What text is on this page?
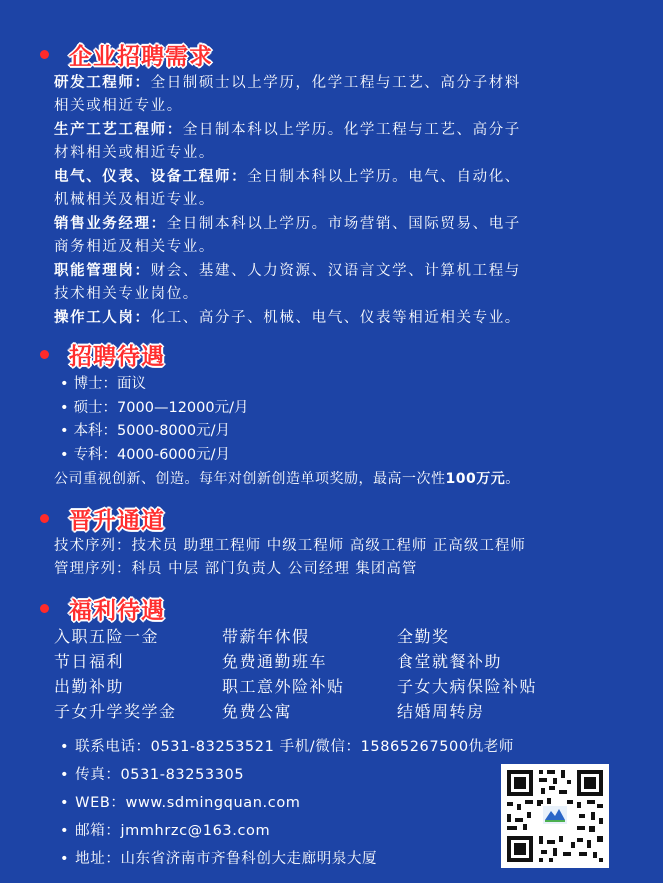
企业招聘需求
研发工程师：全日制硕士以上学历，化学工程与工艺、高分子材料
相关或相近专业。
生产工艺工程师：全日制本科以上学历。化学工程与工艺、高分子
材料相关或相近专业。
电气、仪表、设备工程师：全日制本科以上学历。电气、自动化、
机械相关及相近专业。
销售业务经理：全日制本科以上学历。市场营销、国际贸易、电子
商务相近及相关专业。
职能管理岗：财会、基建、人力资源、汉语言文学、计算机工程与
技术相关专业岗位。
操作工人岗：化工、高分子、机械、电气、仪表等相近相关专业。
招聘待遇
• 博士：面议
• 硕士：7000—12000元/月
• 本科：5000-8000元/月
• 专科：4000-6000元/月
公司重视创新、创造。每年对创新创造单项奖励，最高一次性100万元。
晋升通道
技术序列：技术员 助理工程师 中级工程师 高级工程师 正高级工程师
管理序列：科员 中层 部门负责人 公司经理 集团高管
福利待遇
入职五险一金	带薪年休假	全勤奖
节日福利	免费通勤班车	食堂就餐补助
出勤补助	职工意外险补贴	子女大病保险补贴
子女升学奖学金	免费公寓	结婚周转房
• 联系电话：0531-83253521 手机/微信：15865267500仇老师
• 传真：0531-83253305
• WEB：www.sdmingquan.com
• 邮箱：jmmhrzc@163.com
• 地址：山东省济南市齐鲁科创大走廊明泉大厦
